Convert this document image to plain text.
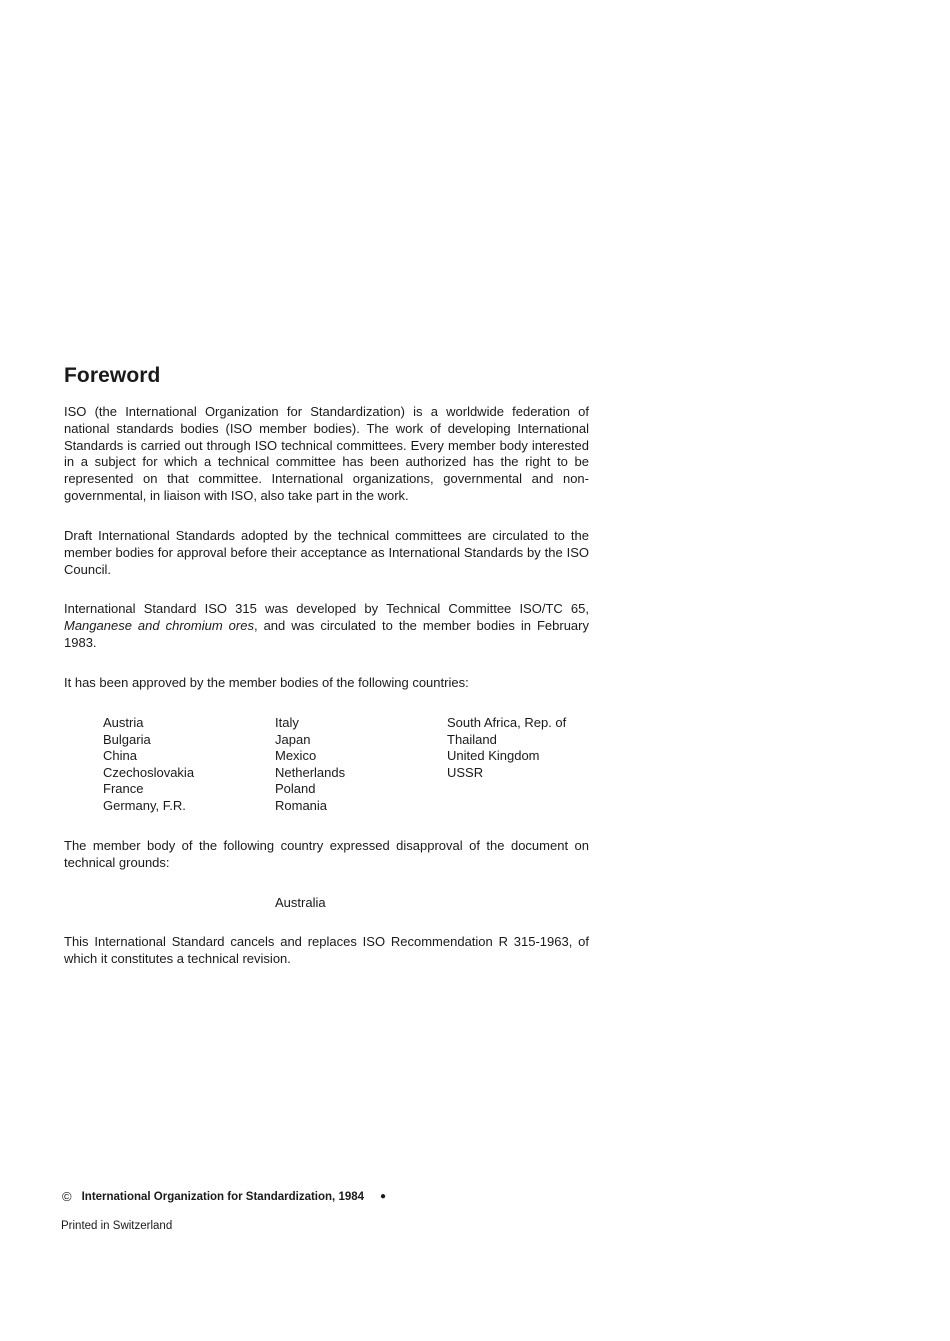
Foreword

ISO (the International Organization for Standardization) is a worldwide federation of national standards bodies (ISO member bodies). The work of developing International Standards is carried out through ISO technical committees. Every member body interested in a subject for which a technical committee has been authorized has the right to be represented on that committee. International organizations, governmental and non-governmental, in liaison with ISO, also take part in the work.

Draft International Standards adopted by the technical committees are circulated to the member bodies for approval before their acceptance as International Standards by the ISO Council.

International Standard ISO 315 was developed by Technical Committee ISO/TC 65, Manganese and chromium ores, and was circulated to the member bodies in February 1983.

It has been approved by the member bodies of the following countries:

Austria
Bulgaria
China
Czechoslovakia
France
Germany, F.R.
Italy
Japan
Mexico
Netherlands
Poland
Romania
South Africa, Rep. of
Thailand
United Kingdom
USSR

The member body of the following country expressed disapproval of the document on technical grounds:

Australia

This International Standard cancels and replaces ISO Recommendation R 315-1963, of which it constitutes a technical revision.

© International Organization for Standardization, 1984 ●

Printed in Switzerland
